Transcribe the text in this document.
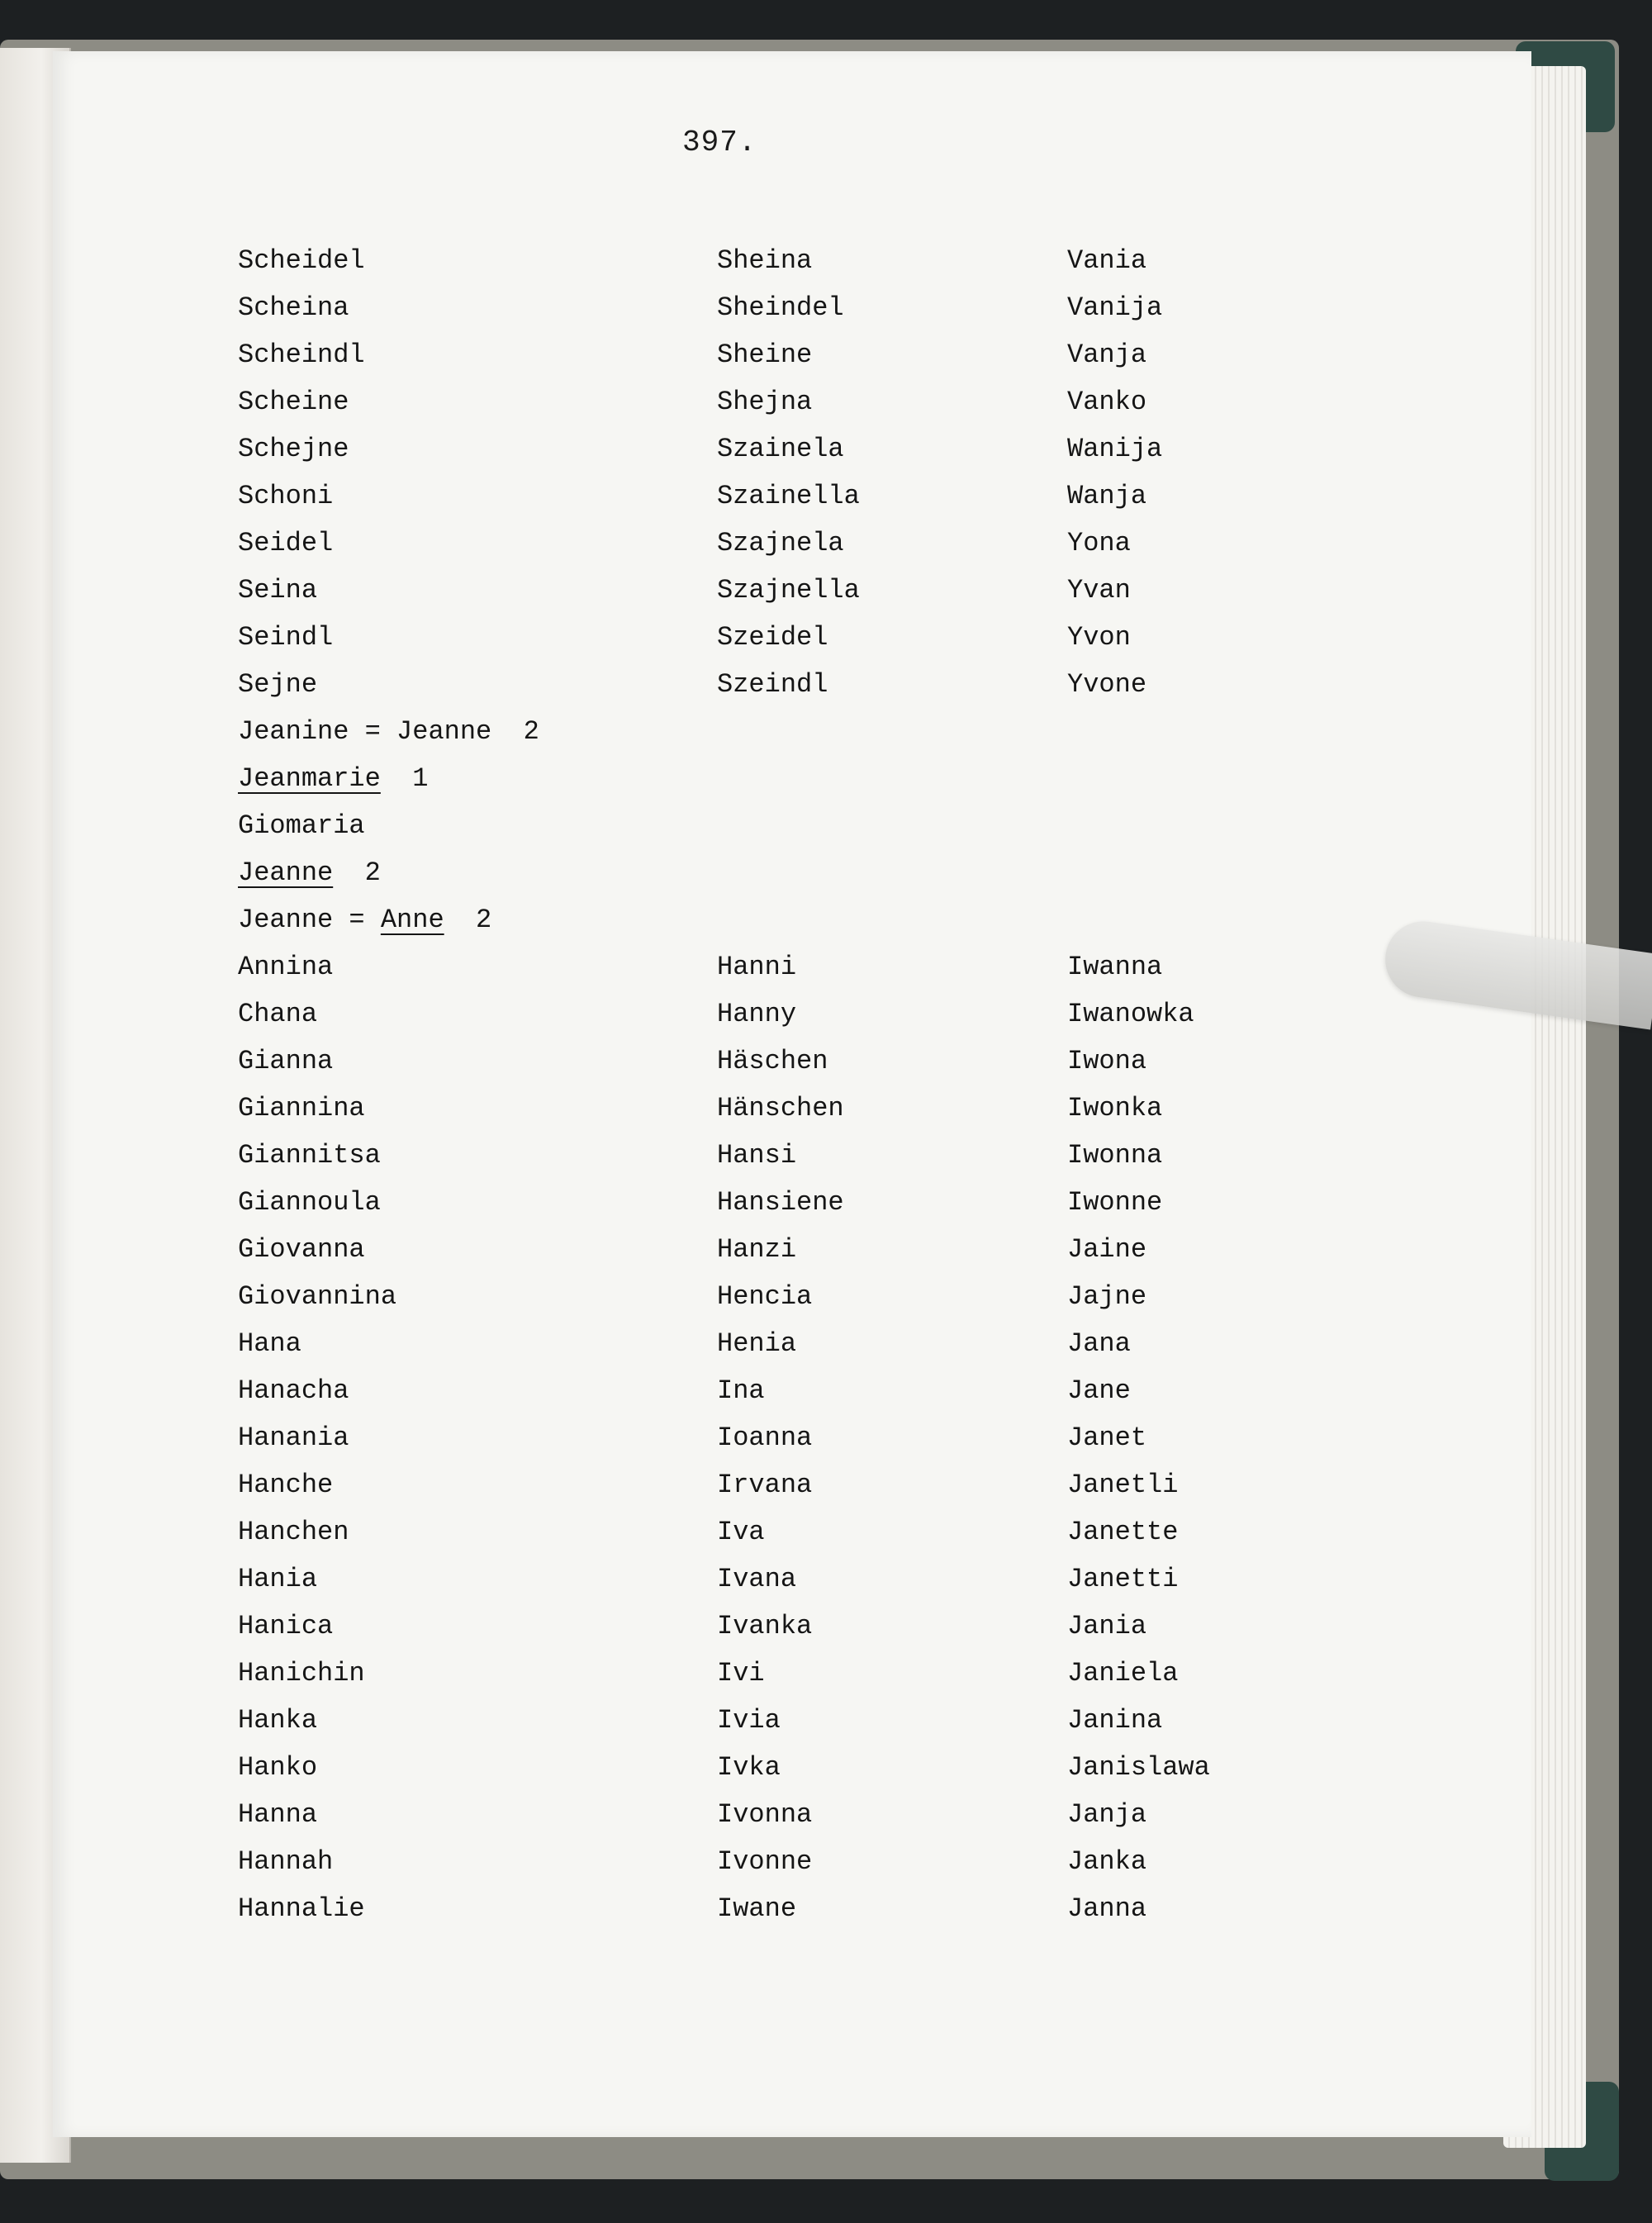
397.

Scheidel

Scheina

Scheindl

Scheine

Schejne

Schoni

Seidel

Seina

Seindl

Sejne

Jeanine = Jeanne 2

Jeanmarie 1

Giomaria

Jeanne 2

Jeanne = Anne 2

Annina

Chana

Gianna

Giannina

Giannitsa

Giannoula

Giovanna

Giovannina

Hana

Hanacha

Hanania

Hanche

Hanchen

Hania

Hanica

Hanichin

Hanka

Hanko

Hanna

Hannah

Hannalie

Sheina

Sheindel

Sheine

Shejna

Szainela

Szainella

Szajnela

Szajnella

Szeidel

Szeindl

Hanni

Hanny

Häschen

Hänschen

Hansi

Hansiene

Hanzi

Hencia

Henia

Ina

Ioanna

Irvana

Iva

Ivana

Ivanka

Ivi

Ivia

Ivka

Ivonna

Ivonne

Iwane

Vania

Vanija

Vanja

Vanko

Wanija

Wanja

Yona

Yvan

Yvon

Yvone

Iwanna

Iwanowka

Iwona

Iwonka

Iwonna

Iwonne

Jaine

Jajne

Jana

Jane

Janet

Janetli

Janette

Janetti

Jania

Janiela

Janina

Janislawa

Janja

Janka

Janna
